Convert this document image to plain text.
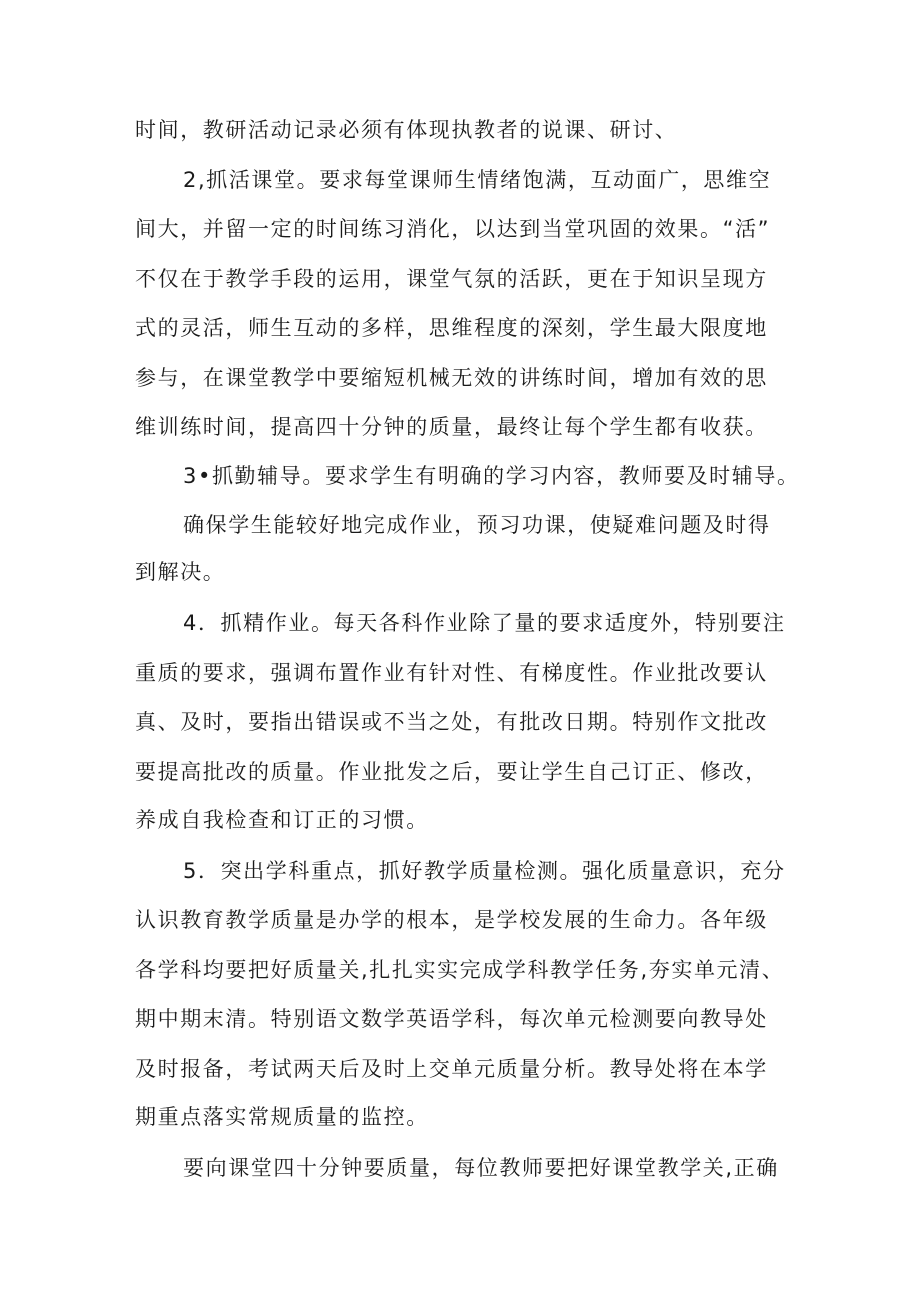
时间，教研活动记录必须有体现执教者的说课、研讨、
2,抓活课堂。要求每堂课师生情绪饱满，互动面广，思维空
间大，并留一定的时间练习消化，以达到当堂巩固的效果。“活”
不仅在于教学手段的运用，课堂气氛的活跃，更在于知识呈现方
式的灵活，师生互动的多样，思维程度的深刻，学生最大限度地
参与，在课堂教学中要缩短机械无效的讲练时间，增加有效的思
维训练时间，提高四十分钟的质量，最终让每个学生都有收获。
3•抓勤辅导。要求学生有明确的学习内容，教师要及时辅导。
确保学生能较好地完成作业，预习功课，使疑难问题及时得
到解决。
4．抓精作业。每天各科作业除了量的要求适度外，特别要注
重质的要求，强调布置作业有针对性、有梯度性。作业批改要认
真、及时，要指出错误或不当之处，有批改日期。特别作文批改
要提高批改的质量。作业批发之后，要让学生自己订正、修改，
养成自我检查和订正的习惯。
5．突出学科重点，抓好教学质量检测。强化质量意识，充分
认识教育教学质量是办学的根本，是学校发展的生命力。各年级
各学科均要把好质量关,扎扎实实完成学科教学任务,夯实单元清、
期中期末清。特别语文数学英语学科，每次单元检测要向教导处
及时报备，考试两天后及时上交单元质量分析。教导处将在本学
期重点落实常规质量的监控。
要向课堂四十分钟要质量，每位教师要把好课堂教学关,正确
